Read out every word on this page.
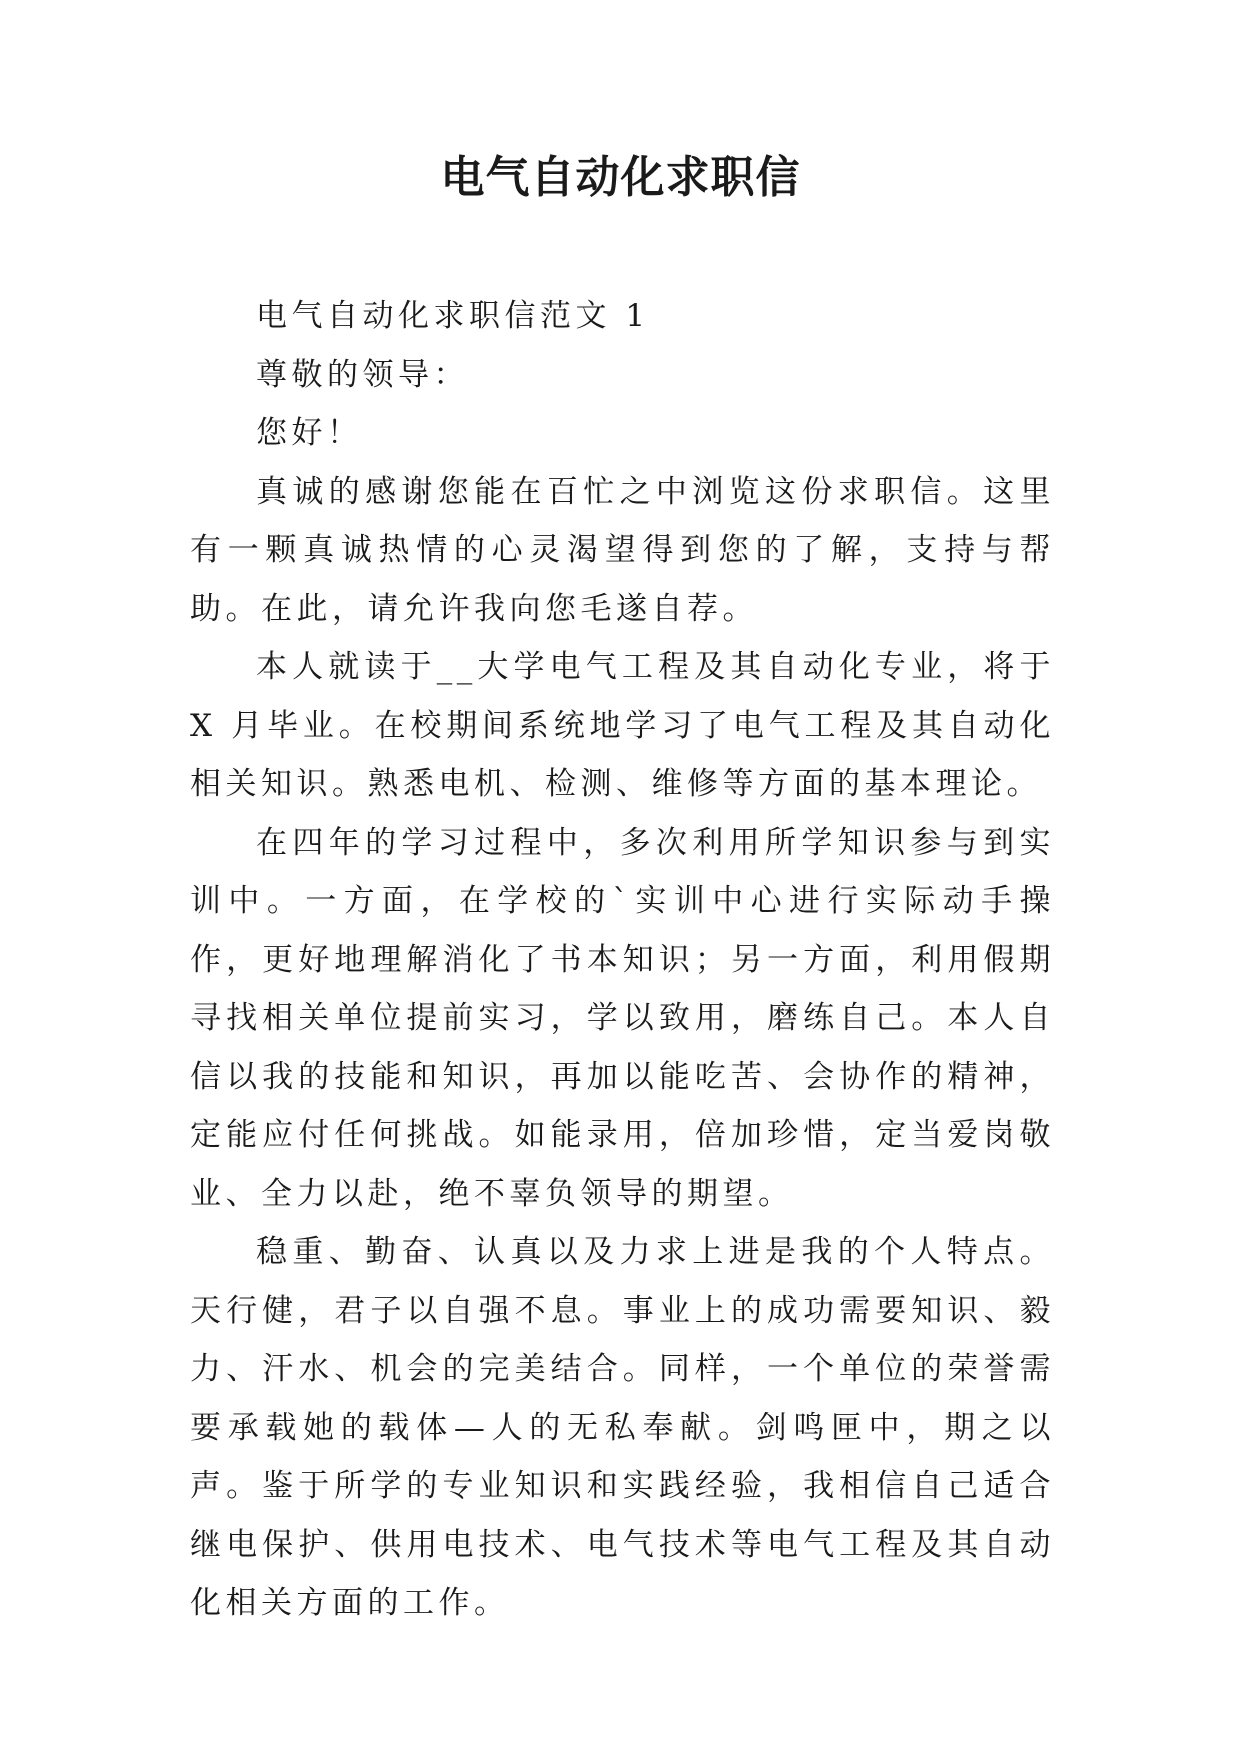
电气自动化求职信

电气自动化求职信范文 1

尊敬的领导：

您好！

真诚的感谢您能在百忙之中浏览这份求职信。这里有一颗真诚热情的心灵渴望得到您的了解，支持与帮助。在此，请允许我向您毛遂自荐。

本人就读于__大学电气工程及其自动化专业，将于 X 月毕业。在校期间系统地学习了电气工程及其自动化相关知识。熟悉电机、检测、维修等方面的基本理论。

在四年的学习过程中，多次利用所学知识参与到实训中。一方面，在学校的`实训中心进行实际动手操作，更好地理解消化了书本知识；另一方面，利用假期寻找相关单位提前实习，学以致用，磨练自己。本人自信以我的技能和知识，再加以能吃苦、会协作的精神，定能应付任何挑战。如能录用，倍加珍惜，定当爱岗敬业、全力以赴，绝不辜负领导的期望。

稳重、勤奋、认真以及力求上进是我的个人特点。天行健，君子以自强不息。事业上的成功需要知识、毅力、汗水、机会的完美结合。同样，一个单位的荣誉需要承载她的载体—人的无私奉献。剑鸣匣中，期之以声。鉴于所学的专业知识和实践经验，我相信自己适合继电保护、供用电技术、电气技术等电气工程及其自动化相关方面的工作。
